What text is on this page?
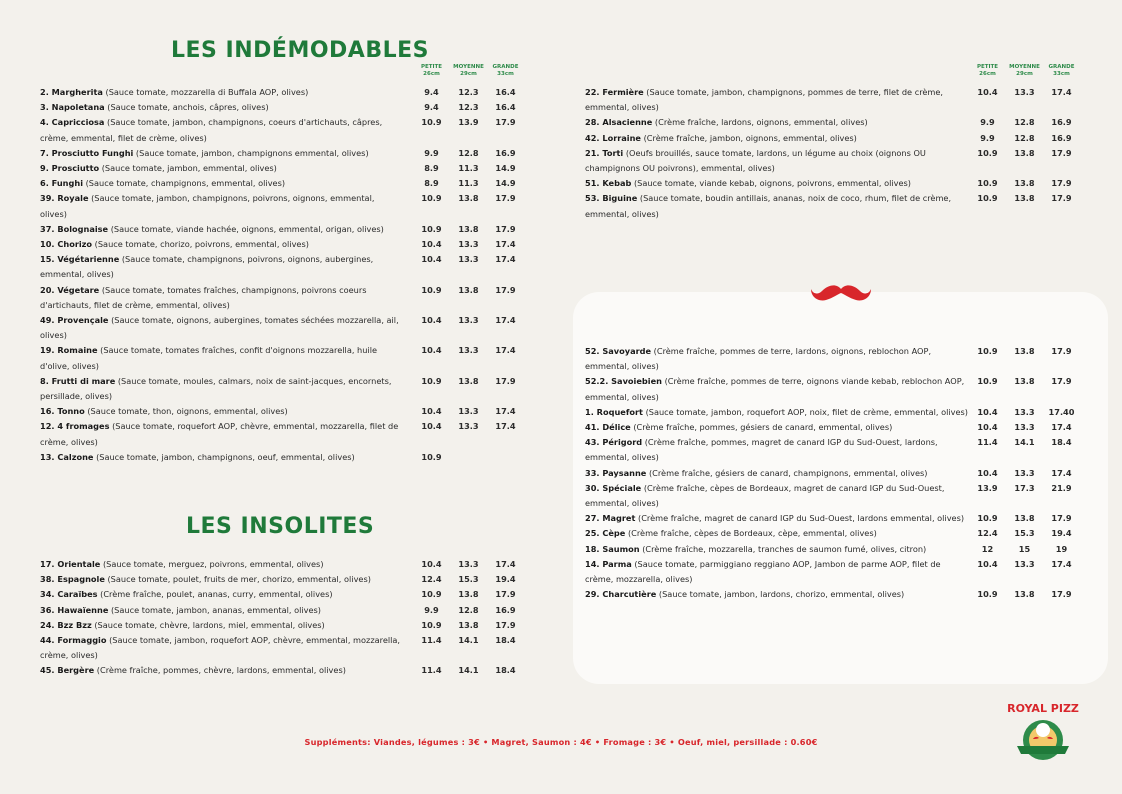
LES INDÉMODABLES
LES INSOLITES
PETITE
26cm
MOYENNE
29cm
GRANDE
33cm
PETITE
26cm
MOYENNE
29cm
GRANDE
33cm
2. Margherita (Sauce tomate, mozzarella di Buffala AOP, olives)	9.4	12.3	16.4
3. Napoletana (Sauce tomate, anchois, câpres, olives)	9.4	12.3	16.4
4. Capricciosa (Sauce tomate, jambon, champignons, coeurs d'artichauts, câpres, crème, emmental, filet de crème, olives)
10.9	13.9	17.9
7. Prosciutto Funghi (Sauce tomate, jambon, champignons emmental, olives)	9.9	12.8	16.9
9. Prosciutto (Sauce tomate, jambon, emmental, olives)	8.9	11.3	14.9
6. Funghi (Sauce tomate, champignons, emmental, olives)	8.9	11.3	14.9
39. Royale (Sauce tomate, jambon, champignons, poivrons, oignons, emmental, olives)
10.9	13.8	17.9
37. Bolognaise (Sauce tomate, viande hachée, oignons, emmental, origan, olives)	10.9	13.8	17.9
10. Chorizo (Sauce tomate, chorizo, poivrons, emmental, olives)	10.4	13.3	17.4
15. Végétarienne (Sauce tomate, champignons, poivrons, oignons, aubergines, emmental, olives)
10.4	13.3	17.4
20. Végetare (Sauce tomate, tomates fraîches, champignons, poivrons coeurs d'artichauts, filet de crème, emmental, olives)
10.9	13.8	17.9
49. Provençale (Sauce tomate, oignons, aubergines, tomates séchées mozzarella, ail, olives)
10.4	13.3	17.4
19. Romaine (Sauce tomate, tomates fraîches, confit d'oignons mozzarella, huile d'olive, olives)
10.4	13.3	17.4
8. Frutti di mare (Sauce tomate, moules, calmars, noix de saint-jacques, encornets, persillade, olives)
10.9	13.8	17.9
16. Tonno (Sauce tomate, thon, oignons, emmental, olives)	10.4	13.3	17.4
12. 4 fromages (Sauce tomate, roquefort AOP, chèvre, emmental, mozzarella, filet de crème, olives)
10.4	13.3	17.4
13. Calzone (Sauce tomate, jambon, champignons, oeuf, emmental, olives)	10.9
17. Orientale (Sauce tomate, merguez, poivrons, emmental, olives)	10.4	13.3	17.4
38. Espagnole (Sauce tomate, poulet, fruits de mer, chorizo, emmental, olives)	12.4	15.3	19.4
34. Caraïbes (Crème fraîche, poulet, ananas, curry, emmental, olives)	10.9	13.8	17.9
36. Hawaïenne (Sauce tomate, jambon, ananas, emmental, olives)	9.9	12.8	16.9
24. Bzz Bzz (Sauce tomate, chèvre, lardons, miel, emmental, olives)	10.9	13.8	17.9
44. Formaggio (Sauce tomate, jambon, roquefort AOP, chèvre, emmental, mozzarella, crème, olives)
11.4	14.1	18.4
45. Bergère (Crème fraîche, pommes, chèvre, lardons, emmental, olives)	11.4	14.1	18.4
22. Fermière (Sauce tomate, jambon, champignons, pommes de terre, filet de crème, emmental, olives)
10.4	13.3	17.4
28. Alsacienne (Crème fraîche, lardons, oignons, emmental, olives)	9.9	12.8	16.9
42. Lorraine (Crème fraîche, jambon, oignons, emmental, olives)	9.9	12.8	16.9
21. Torti (Oeufs brouillés, sauce tomate, lardons, un légume au choix (oignons OU champignons OU poivrons), emmental, olives)
10.9	13.8	17.9
51. Kebab (Sauce tomate, viande kebab, oignons, poivrons, emmental, olives)	10.9	13.8	17.9
53. Biguine (Sauce tomate, boudin antillais, ananas, noix de coco, rhum, filet de crème, emmental, olives)
10.9	13.8	17.9
52. Savoyarde (Crème fraîche, pommes de terre, lardons, oignons, reblochon AOP, emmental, olives)
10.9	13.8	17.9
52.2. Savoiebien (Crème fraîche, pommes de terre, oignons viande kebab, reblochon AOP, emmental, olives)
10.9	13.8	17.9
1. Roquefort (Sauce tomate, jambon, roquefort AOP, noix, filet de crème, emmental, olives)	10.4	13.3	17.40
41. Délice (Crème fraîche, pommes, gésiers de canard, emmental, olives)	10.4	13.3	17.4
43. Périgord (Crème fraîche, pommes, magret de canard IGP du Sud-Ouest, lardons, emmental, olives)
11.4	14.1	18.4
33. Paysanne (Crème fraîche, gésiers de canard, champignons, emmental, olives)	10.4	13.3	17.4
30. Spéciale (Crème fraîche, cèpes de Bordeaux, magret de canard IGP du Sud-Ouest, emmental, olives)
13.9	17.3	21.9
27. Magret (Crème fraîche, magret de canard IGP du Sud-Ouest, lardons emmental, olives)	10.9	13.8	17.9
25. Cèpe (Crème fraîche, cèpes de Bordeaux, cèpe, emmental, olives)	12.4	15.3	19.4
18. Saumon (Crème fraîche, mozzarella, tranches de saumon fumé, olives, citron)	12	15	19
14. Parma (Sauce tomate, parmiggiano reggiano AOP, Jambon de parme AOP, filet de crème, mozzarella, olives)
10.4	13.3	17.4
29. Charcutière (Sauce tomate, jambon, lardons, chorizo, emmental, olives)	10.9	13.8	17.9
Suppléments: Viandes, légumes : 3€ • Magret, Saumon : 4€ • Fromage : 3€ • Oeuf, miel, persillade : 0.60€
ROYAL PIZZ
